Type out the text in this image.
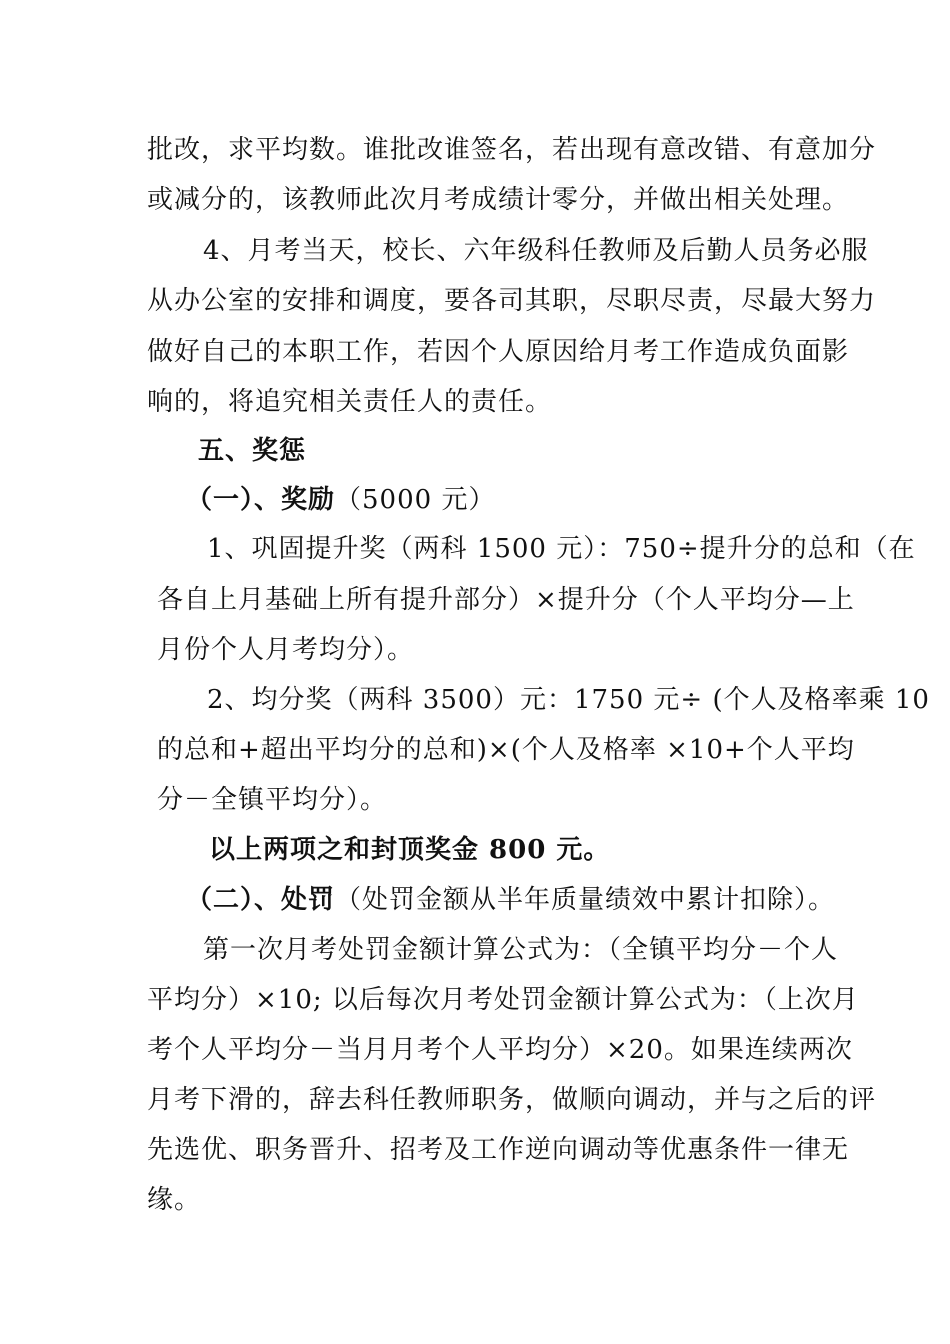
批改，求平均数。谁批改谁签名，若出现有意改错、有意加分
或减分的，该教师此次月考成绩计零分，并做出相关处理。
4、月考当天，校长、六年级科任教师及后勤人员务必服
从办公室的安排和调度，要各司其职，尽职尽责，尽最大努力
做好自己的本职工作，若因个人原因给月考工作造成负面影
响的，将追究相关责任人的责任。
五、奖惩
（一）、奖励（5000 元）
1、巩固提升奖（两科 1500 元）：750÷提升分的总和（在
各自上月基础上所有提升部分）×提升分（个人平均分—上
月份个人月考均分）。
2、均分奖（两科 3500）元：1750 元÷ (个人及格率乘 10
的总和+超出平均分的总和)×(个人及格率 ×10+个人平均
分－全镇平均分）。
以上两项之和封顶奖金 800 元。
（二）、处罚（处罚金额从半年质量绩效中累计扣除）。
第一次月考处罚金额计算公式为：（全镇平均分－个人
平均分）×10; 以后每次月考处罚金额计算公式为：（上次月
考个人平均分－当月月考个人平均分）×20。如果连续两次
月考下滑的，辞去科任教师职务，做顺向调动，并与之后的评
先选优、职务晋升、招考及工作逆向调动等优惠条件一律无
缘。
